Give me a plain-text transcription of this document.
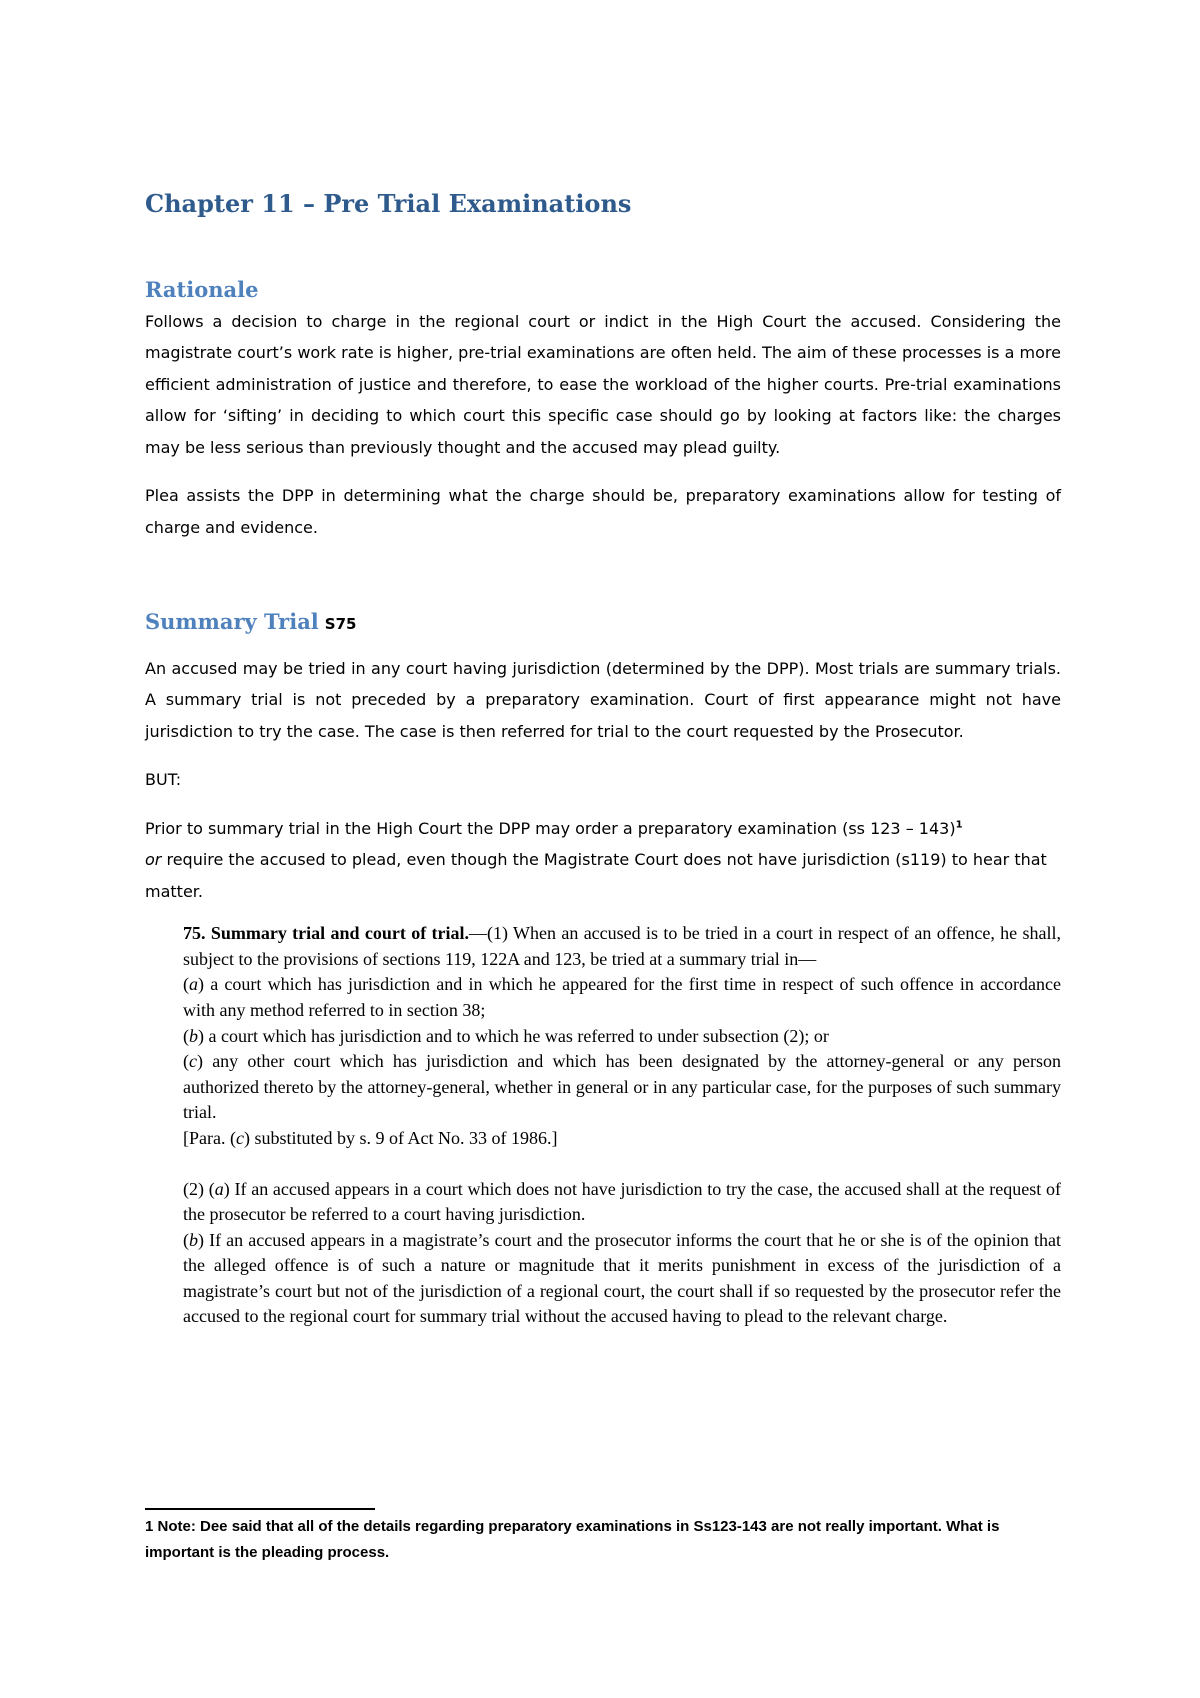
Chapter 11 – Pre Trial Examinations
Rationale

Follows a decision to charge in the regional court or indict in the High Court the accused. Considering the magistrate court’s work rate is higher, pre-trial examinations are often held. The aim of these processes is a more efficient administration of justice and therefore, to ease the workload of the higher courts. Pre-trial examinations allow for ‘sifting’ in deciding to which court this specific case should go by looking at factors like: the charges may be less serious than previously thought and the accused may plead guilty.

Plea assists the DPP in determining what the charge should be, preparatory examinations allow for testing of charge and evidence.

Summary Trial S75

An accused may be tried in any court having jurisdiction (determined by the DPP). Most trials are summary trials. A summary trial is not preceded by a preparatory examination. Court of first appearance might not have jurisdiction to try the case. The case is then referred for trial to the court requested by the Prosecutor.

BUT:

Prior to summary trial in the High Court the DPP may order a preparatory examination (ss 123 – 143)$^1$
or require the accused to plead, even though the Magistrate Court does not have jurisdiction (s119) to hear that matter.

75. Summary trial and court of trial.—(1) When an accused is to be tried in a court in respect of an offence, he shall, subject to the provisions of sections 119, 122A and 123, be tried at a summary trial in—

(a) a court which has jurisdiction and in which he appeared for the first time in respect of such offence in accordance with any method referred to in section 38;

(b) a court which has jurisdiction and to which he was referred to under subsection (2); or

(c) any other court which has jurisdiction and which has been designated by the attorney-general or any person authorized thereto by the attorney-general, whether in general or in any particular case, for the purposes of such summary trial.

[Para. (c) substituted by s. 9 of Act No. 33 of 1986.]

(2) (a) If an accused appears in a court which does not have jurisdiction to try the case, the accused shall at the request of the prosecutor be referred to a court having jurisdiction.

(b) If an accused appears in a magistrate’s court and the prosecutor informs the court that he or she is of the opinion that the alleged offence is of such a nature or magnitude that it merits punishment in excess of the jurisdiction of a magistrate’s court but not of the jurisdiction of a regional court, the court shall if so requested by the prosecutor refer the accused to the regional court for summary trial without the accused having to plead to the relevant charge.

1 Note: Dee said that all of the details regarding preparatory examinations in Ss123-143 are not really important. What is important is the pleading process.
